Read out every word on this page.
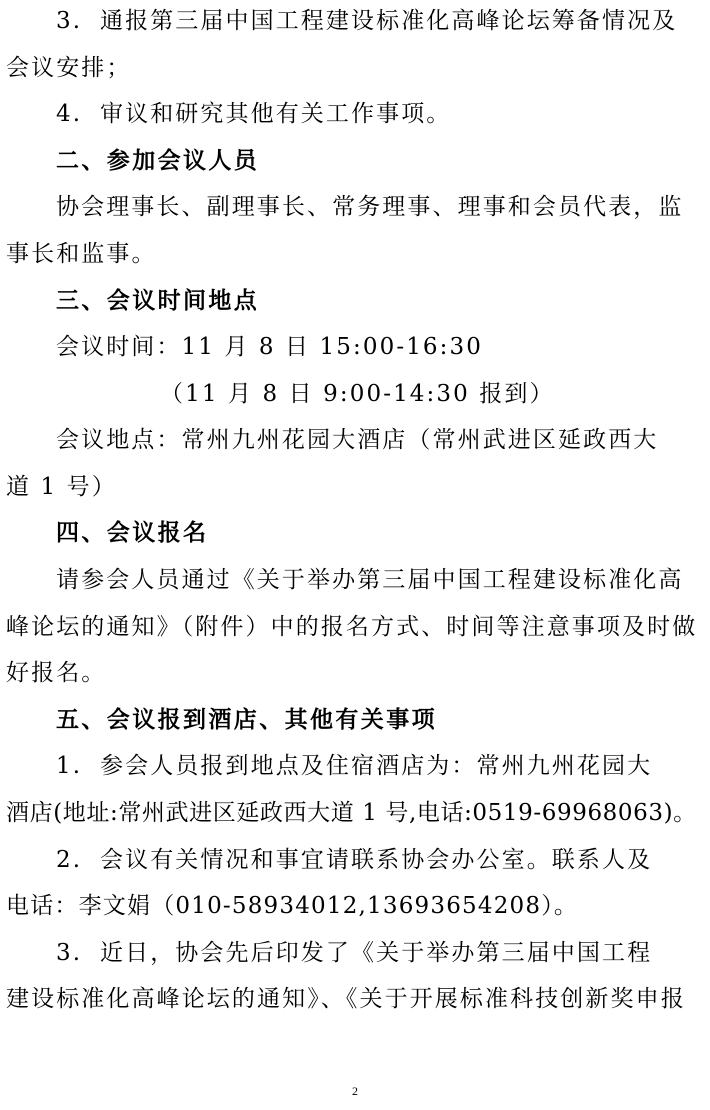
3. 通报第三届中国工程建设标准化高峰论坛筹备情况及
会议安排；
4. 审议和研究其他有关工作事项。
二、参加会议人员
协会理事长、副理事长、常务理事、理事和会员代表，监
事长和监事。
三、会议时间地点
会议时间：11 月 8 日 15:00-16:30
（11 月 8 日 9:00-14:30 报到）
会议地点：常州九州花园大酒店（常州武进区延政西大
道 1 号）
四、会议报名
请参会人员通过《关于举办第三届中国工程建设标准化高
峰论坛的通知》（附件）中的报名方式、时间等注意事项及时做
好报名。
五、会议报到酒店、其他有关事项
1. 参会人员报到地点及住宿酒店为：常州九州花园大
酒店(地址:常州武进区延政西大道 1 号,电话:0519-69968063)。
2. 会议有关情况和事宜请联系协会办公室。联系人及
电话：李文娟（010-58934012,13693654208）。
3. 近日，协会先后印发了《关于举办第三届中国工程
建设标准化高峰论坛的通知》、《关于开展标准科技创新奖申报
2
